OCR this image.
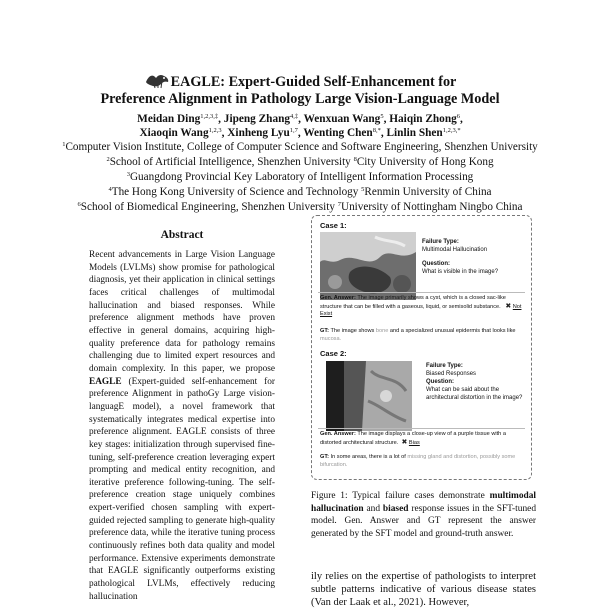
EAGLE: Expert-Guided Self-Enhancement for
Preference Alignment in Pathology Large Vision-Language Model
Meidan Ding$^{1,2,3,\ddagger}$, Jipeng Zhang$^{4,\ddagger}$, Wenxuan Wang$^5$, Haiqin Zhong$^6$,
Xiaoqin Wang$^{1,2,3}$, Xinheng Lyu$^{1,7}$, Wenting Chen$^{8,*}$, Linlin Shen$^{1,2,3,*}$
$^1$Computer Vision Institute, College of Computer Science and Software Engineering, Shenzhen University
$^2$School of Artificial Intelligence, Shenzhen University $^8$City University of Hong Kong
$^3$Guangdong Provincial Key Laboratory of Intelligent Information Processing
$^4$The Hong Kong University of Science and Technology $^5$Renmin University of China
$^6$School of Biomedical Engineering, Shenzhen University $^7$University of Nottingham Ningbo China
Abstract
Recent advancements in Large Vision Language Models (LVLMs) show promise for pathological diagnosis, yet their application in clinical settings faces critical challenges of multimodal hallucination and biased responses. While preference alignment methods have proven effective in general domains, acquiring high-quality preference data for pathology remains challenging due to limited expert resources and domain complexity. In this paper, we propose EAGLE (Expert-guided self-enhancement for preference Alignment in pathoGy Large vision-languagE model), a novel framework that systematically integrates medical expertise into preference alignment. EAGLE consists of three key stages: initialization through supervised fine-tuning, self-preference creation leveraging expert prompting and medical entity recognition, and iterative preference following-tuning. The self-preference creation stage uniquely combines expert-verified chosen sampling with expert-guided rejected sampling to generate high-quality preference data, while the iterative tuning process continuously refines both data quality and model performance. Extensive experiments demonstrate that EAGLE significantly outperforms existing pathological LVLMs, effectively reducing hallucination
Case 1:
Failure Type:
Multimodal Hallucination

Question:
What is visible in the image?
Gen. Answer: The image primarily shows a cyst, which is a closed sac-like structure that can be filled with a gaseous, liquid, or semisolid substance. ✖ Not Exist
GT: The image shows bone and a specialized unusual epidermis that looks like mucosa.
Case 2:
Failure Type:
Biased Responses
Question:
What can be said about the architectural distortion in the image?
Gen. Answer: The image displays a close-up view of a purple tissue with a distorted architectural structure. ✖ Bias
GT: In some areas, there is a lot of missing gland and distortion, possibly some bifurcation.
Figure 1: Typical failure cases demonstrate multimodal hallucination and biased response issues in the SFT-tuned model. Gen. Answer and GT represent the answer generated by the SFT model and ground-truth answer.
ily relies on the expertise of pathologists to interpret subtle patterns indicative of various disease states (Van der Laak et al., 2021). However,
